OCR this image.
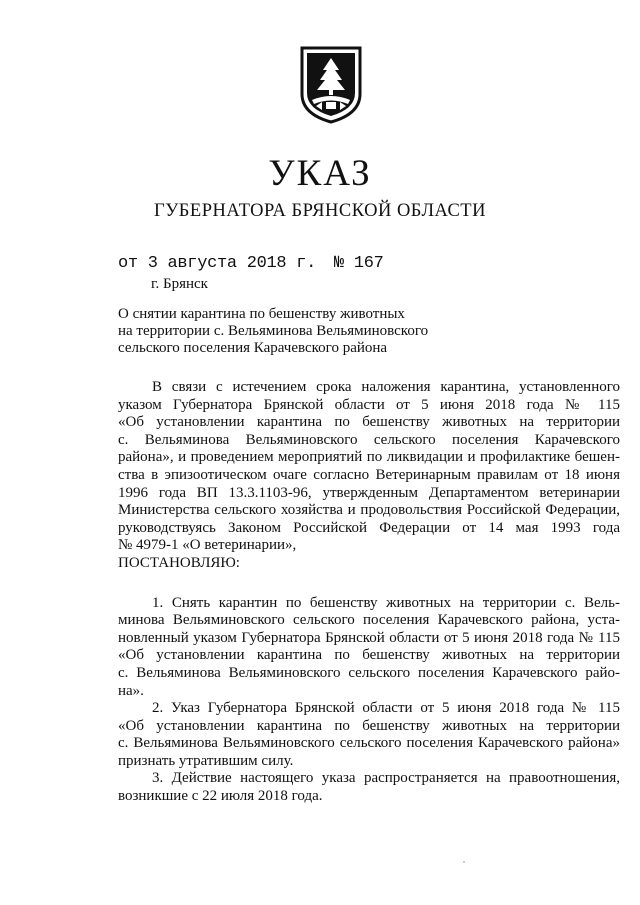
УКАЗ
ГУБЕРНАТОРА БРЯНСКОЙ ОБЛАСТИ
от 3 августа 2018 г. № 167
г. Брянск
О снятии карантина по бешенству животных
на территории с. Вельяминова Вельяминовского
сельского поселения Карачевского района

В связи с истечением срока наложения карантина, установленного
указом Губернатора Брянской области от 5 июня 2018 года № 115
«Об установлении карантина по бешенству животных на территории
с. Вельяминова Вельяминовского сельского поселения Карачевского
района», и проведением мероприятий по ликвидации и профилактике бешен-
ства в эпизоотическом очаге согласно Ветеринарным правилам от 18 июня
1996 года ВП 13.3.1103-96, утвержденным Департаментом ветеринарии
Министерства сельского хозяйства и продовольствия Российской Федерации,
руководствуясь Законом Российской Федерации от 14 мая 1993 года
№ 4979-1 «О ветеринарии»,

ПОСТАНОВЛЯЮ:

1. Снять карантин по бешенству животных на территории с. Вель-
минова Вельяминовского сельского поселения Карачевского района, уста-
новленный указом Губернатора Брянской области от 5 июня 2018 года № 115
«Об установлении карантина по бешенству животных на территории
с. Вельяминова Вельяминовского сельского поселения Карачевского райо-
на».

2. Указ Губернатора Брянской области от 5 июня 2018 года № 115
«Об установлении карантина по бешенству животных на территории
с. Вельяминова Вельяминовского сельского поселения Карачевского района»
признать утратившим силу.

3. Действие настоящего указа распространяется на правоотношения,
возникшие с 22 июля 2018 года.
